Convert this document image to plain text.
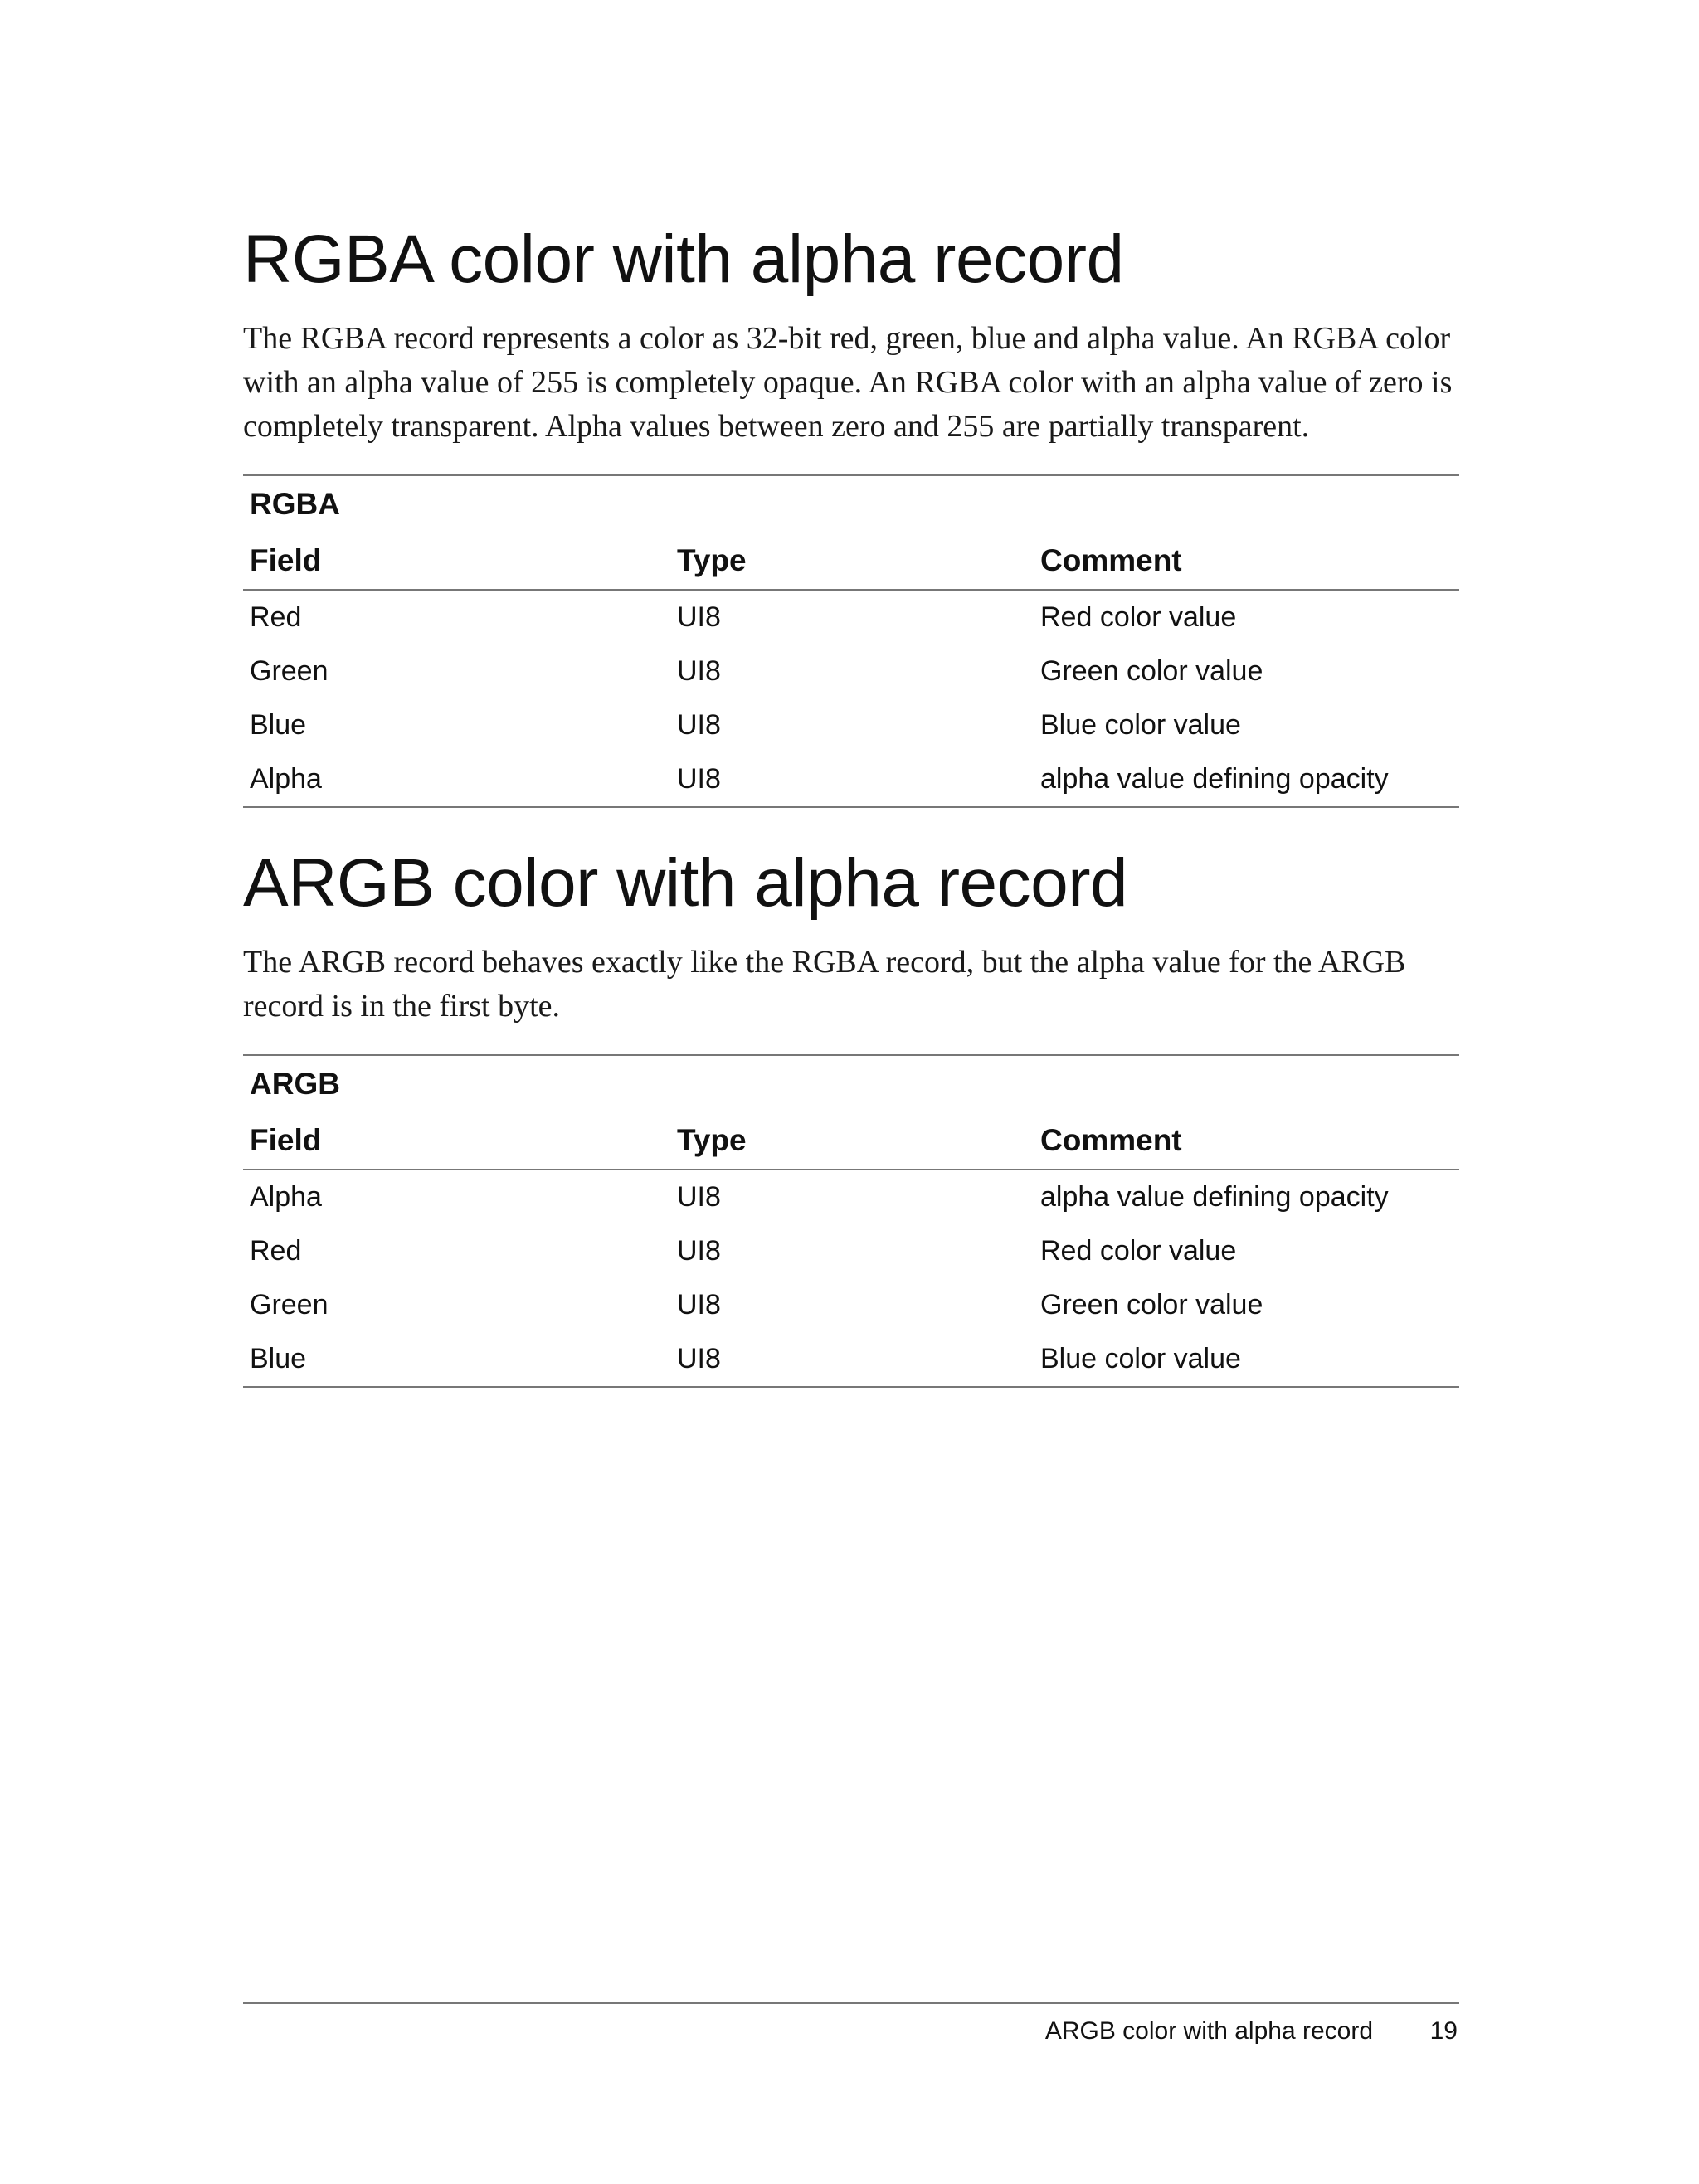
RGBA color with alpha record

The RGBA record represents a color as 32-bit red, green, blue and alpha value. An RGBA color with an alpha value of 255 is completely opaque. An RGBA color with an alpha value of zero is completely transparent. Alpha values between zero and 255 are partially transparent.

RGBA
Field	Type	Comment
Red	UI8	Red color value
Green	UI8	Green color value
Blue	UI8	Blue color value
Alpha	UI8	alpha value defining opacity
ARGB color with alpha record

The ARGB record behaves exactly like the RGBA record, but the alpha value for the ARGB record is in the first byte.

ARGB
Field	Type	Comment
Alpha	UI8	alpha value defining opacity
Red	UI8	Red color value
Green	UI8	Green color value
Blue	UI8	Blue color value
ARGB color with alpha record 19
